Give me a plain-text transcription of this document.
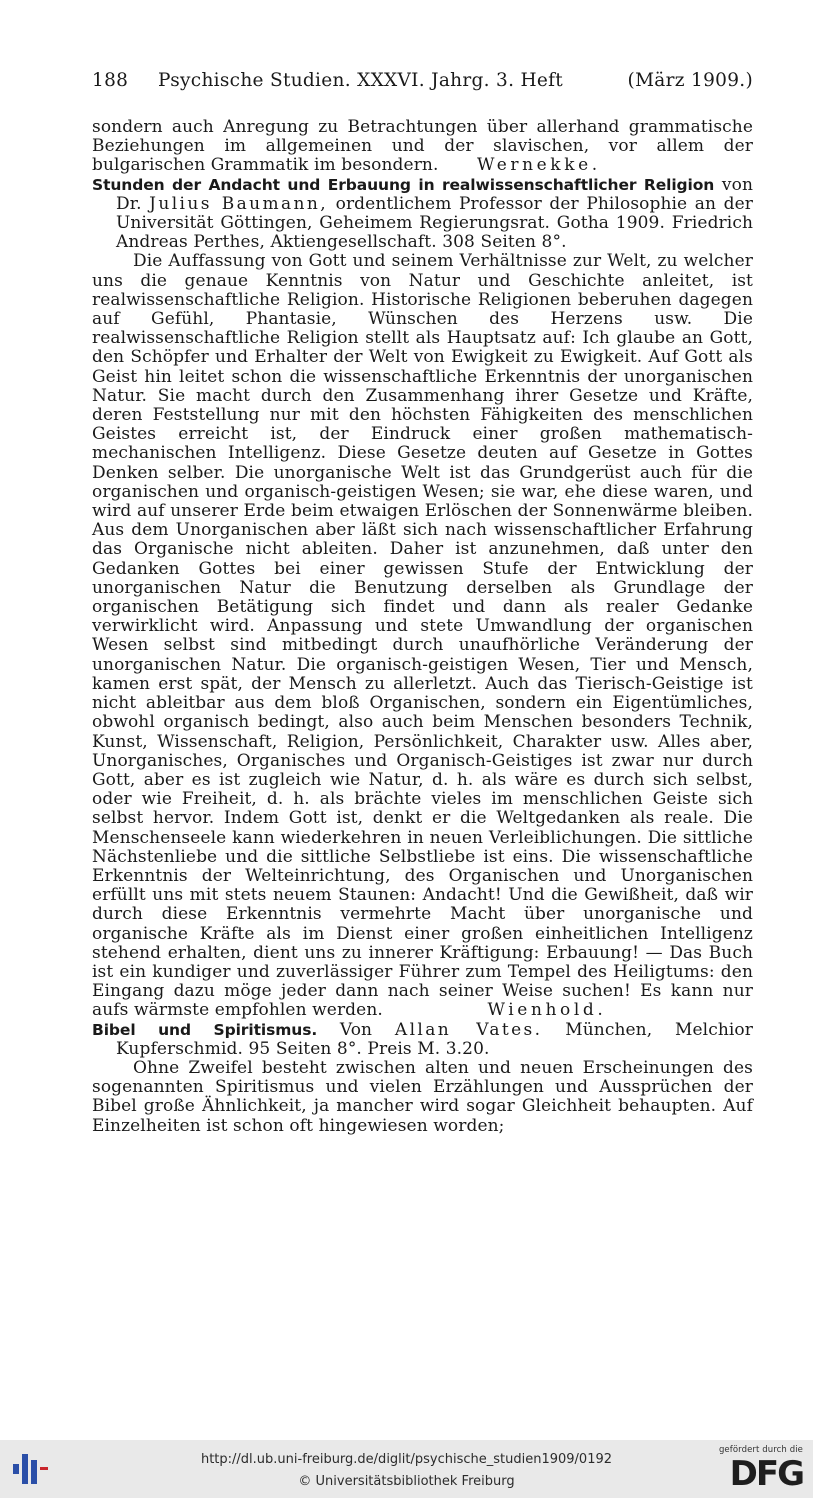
188	Psychische Studien. XXXVI. Jahrg. 3. Heft	(März 1909.)

sondern auch Anregung zu Betrachtungen über allerhand grammatische Beziehungen im allgemeinen und der slavischen, vor allem der bulgarischen Grammatik im besondern. Wernekke.

Stunden der Andacht und Erbauung in realwissenschaftlicher Religion von Dr. Julius Baumann, ordentlichem Professor der Philosophie an der Universität Göttingen, Geheimem Regierungsrat. Gotha 1909. Friedrich Andreas Perthes, Aktiengesellschaft. 308 Seiten 8°.

Die Auffassung von Gott und seinem Verhältnisse zur Welt, zu welcher uns die genaue Kenntnis von Natur und Geschichte anleitet, ist realwissenschaftliche Religion. Historische Religionen beberuhen dagegen auf Gefühl, Phantasie, Wünschen des Herzens usw. Die realwissenschaftliche Religion stellt als Hauptsatz auf: Ich glaube an Gott, den Schöpfer und Erhalter der Welt von Ewigkeit zu Ewigkeit. Auf Gott als Geist hin leitet schon die wissenschaftliche Erkenntnis der unorganischen Natur. Sie macht durch den Zusammenhang ihrer Gesetze und Kräfte, deren Feststellung nur mit den höchsten Fähigkeiten des menschlichen Geistes erreicht ist, der Eindruck einer großen mathematisch-mechanischen Intelligenz. Diese Gesetze deuten auf Gesetze in Gottes Denken selber. Die unorganische Welt ist das Grundgerüst auch für die organischen und organisch-geistigen Wesen; sie war, ehe diese waren, und wird auf unserer Erde beim etwaigen Erlöschen der Sonnenwärme bleiben. Aus dem Unorganischen aber läßt sich nach wissenschaftlicher Erfahrung das Organische nicht ableiten. Daher ist anzunehmen, daß unter den Gedanken Gottes bei einer gewissen Stufe der Entwicklung der unorganischen Natur die Benutzung derselben als Grundlage der organischen Betätigung sich findet und dann als realer Gedanke verwirklicht wird. Anpassung und stete Umwandlung der organischen Wesen selbst sind mitbedingt durch unaufhörliche Veränderung der unorganischen Natur. Die organisch-geistigen Wesen, Tier und Mensch, kamen erst spät, der Mensch zu allerletzt. Auch das Tierisch-Geistige ist nicht ableitbar aus dem bloß Organischen, sondern ein Eigentümliches, obwohl organisch bedingt, also auch beim Menschen besonders Technik, Kunst, Wissenschaft, Religion, Persönlichkeit, Charakter usw. Alles aber, Unorganisches, Organisches und Organisch-Geistiges ist zwar nur durch Gott, aber es ist zugleich wie Natur, d. h. als wäre es durch sich selbst, oder wie Freiheit, d. h. als brächte vieles im menschlichen Geiste sich selbst hervor. Indem Gott ist, denkt er die Weltgedanken als reale. Die Menschenseele kann wiederkehren in neuen Verleiblichungen. Die sittliche Nächstenliebe und die sittliche Selbstliebe ist eins. Die wissenschaftliche Erkenntnis der Welteinrichtung, des Organischen und Unorganischen erfüllt uns mit stets neuem Staunen: Andacht! Und die Gewißheit, daß wir durch diese Erkenntnis vermehrte Macht über unorganische und organische Kräfte als im Dienst einer großen einheitlichen Intelligenz stehend erhalten, dient uns zu innerer Kräftigung: Erbauung! — Das Buch ist ein kundiger und zuverlässiger Führer zum Tempel des Heiligtums: den Eingang dazu möge jeder dann nach seiner Weise suchen! Es kann nur aufs wärmste empfohlen werden.	Wienhold.

Bibel und Spiritismus. Von Allan Vates. München, Melchior Kupferschmid. 95 Seiten 8°. Preis M. 3.20.

Ohne Zweifel besteht zwischen alten und neuen Erscheinungen des sogenannten Spiritismus und vielen Erzählungen und Aussprüchen der Bibel große Ähnlichkeit, ja mancher wird sogar Gleichheit behaupten. Auf Einzelheiten ist schon oft hingewiesen worden;

http://dl.ub.uni-freiburg.de/diglit/psychische_studien1909/0192
© Universitätsbibliothek Freiburg
gefördert durch die
DFG
